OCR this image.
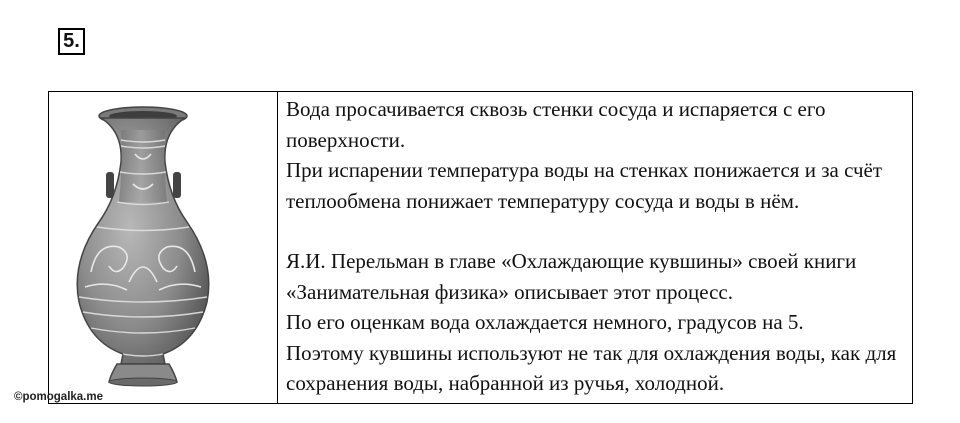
5.

Вода просачивается сквозь стенки сосуда и испаряется с его поверхности.

При испарении температура воды на стенках понижается и за счёт теплообмена понижает температуру сосуда и воды в нём.

Я.И. Перельман в главе «Охлаждающие кувшины» своей книги «Занимательная физика» описывает этот процесс.

По его оценкам вода охлаждается немного, градусов на 5.

Поэтому кувшины используют не так для охлаждения воды, как для сохранения воды, набранной из ручья, холодной.

©pomogalka.me
